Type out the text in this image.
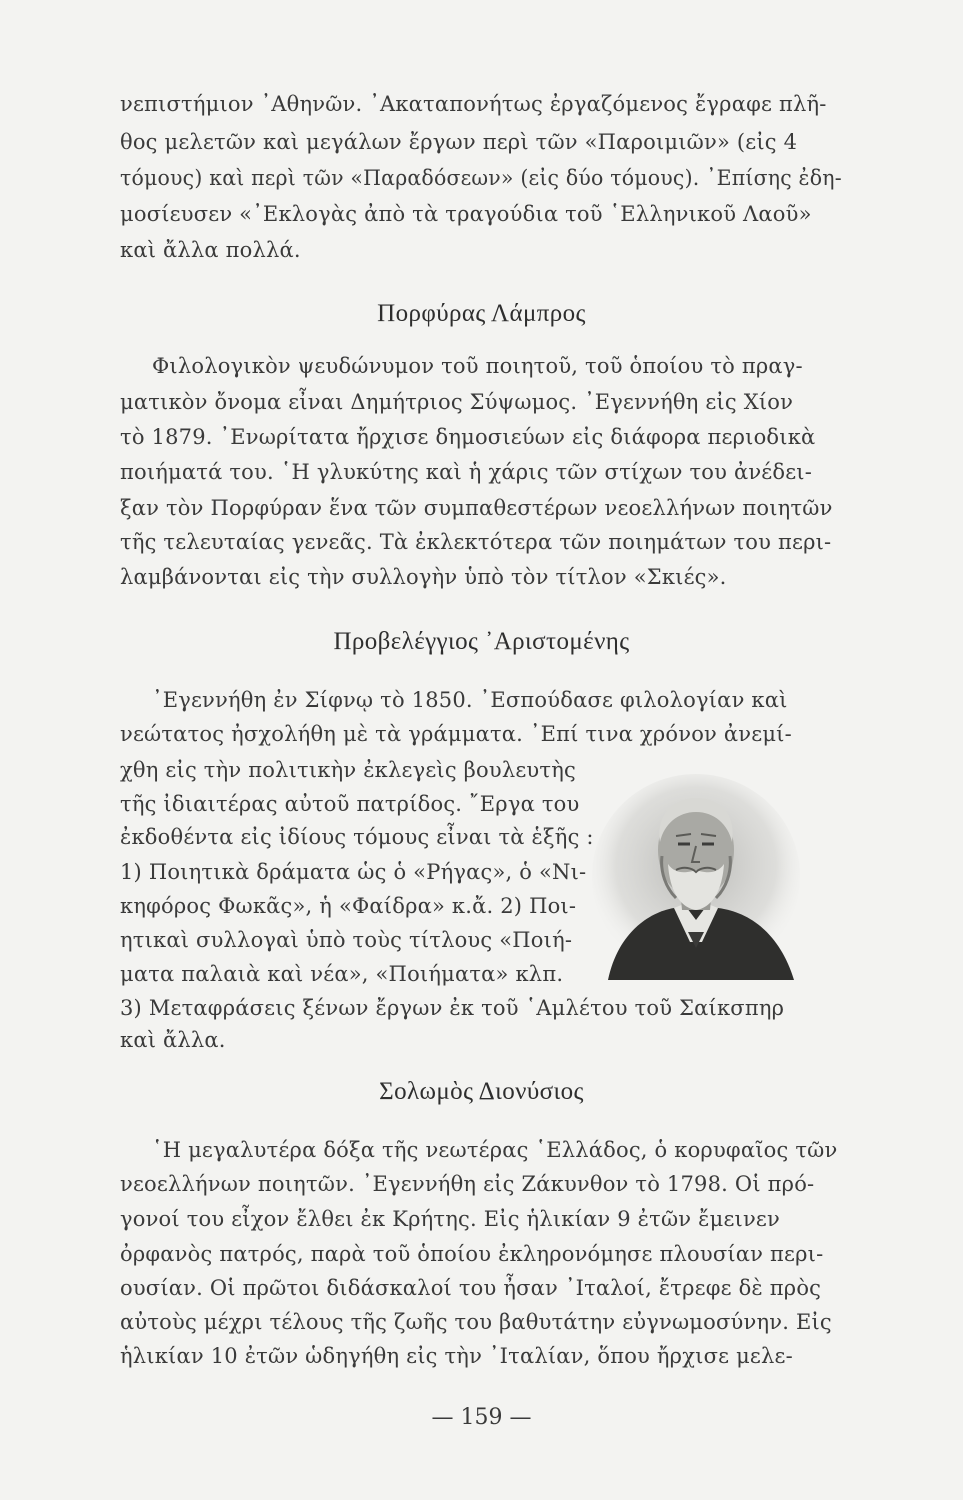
νεπιστήμιον ᾿Αθηνῶν. ᾿Ακαταπονήτως ἐργαζόμενος ἔγραφε πλῆ-
θος μελετῶν καὶ μεγάλων ἔργων περὶ τῶν «Παροιμιῶν» (εἰς 4
τόμους) καὶ περὶ τῶν «Παραδόσεων» (εἰς δύο τόμους). ᾿Επίσης ἐδη-
μοσίευσεν «᾿Εκλογὰς ἀπὸ τὰ τραγούδια τοῦ ῾Ελληνικοῦ Λαοῦ»
καὶ ἄλλα πολλά.
Πορφύρας Λάμπρος
Φιλολογικὸν ψευδώνυμον τοῦ ποιητοῦ, τοῦ ὁποίου τὸ πραγ-
ματικὸν ὄνομα εἶναι Δημήτριος Σύψωμος. ᾿Εγεννήθη εἰς Χίον
τὸ 1879. ᾿Ενωρίτατα ἤρχισε δημοσιεύων εἰς διάφορα περιοδικὰ
ποιήματά του. ῾Η γλυκύτης καὶ ἡ χάρις τῶν στίχων του ἀνέδει-
ξαν τὸν Πορφύραν ἕνα τῶν συμπαθεστέρων νεοελλήνων ποιητῶν
τῆς τελευταίας γενεᾶς. Τὰ ἐκλεκτότερα τῶν ποιημάτων του περι-
λαμβάνονται εἰς τὴν συλλογὴν ὑπὸ τὸν τίτλον «Σκιές».
Προβελέγγιος ᾿Αριστομένης
᾿Εγεννήθη ἐν Σίφνῳ τὸ 1850. ᾿Εσπούδασε φιλολογίαν καὶ
νεώτατος ἠσχολήθη μὲ τὰ γράμματα. ᾿Επί τινα χρόνον ἀνεμί-
χθη εἰς τὴν πολιτικὴν ἐκλεγεὶς βουλευτὴς
τῆς ἰδιαιτέρας αὐτοῦ πατρίδος. ῎Εργα του
ἐκδοθέντα εἰς ἰδίους τόμους εἶναι τὰ ἑξῆς :
1) Ποιητικὰ δράματα ὡς ὁ «Ρήγας», ὁ «Νι-
κηφόρος Φωκᾶς», ἡ «Φαίδρα» κ.ἄ. 2) Ποι-
ητικαὶ συλλογαὶ ὑπὸ τοὺς τίτλους «Ποιή-
ματα παλαιὰ καὶ νέα», «Ποιήματα» κλπ.
3) Μεταφράσεις ξένων ἔργων ἐκ τοῦ ῾Αμλέτου τοῦ Σαίκσπηρ
καὶ ἄλλα.
Σολωμὸς Διονύσιος
῾Η μεγαλυτέρα δόξα τῆς νεωτέρας ῾Ελλάδος, ὁ κορυφαῖος τῶν
νεοελλήνων ποιητῶν. ᾿Εγεννήθη εἰς Ζάκυνθον τὸ 1798. Οἱ πρό-
γονοί του εἶχον ἔλθει ἐκ Κρήτης. Εἰς ἡλικίαν 9 ἐτῶν ἔμεινεν
ὀρφανὸς πατρός, παρὰ τοῦ ὁποίου ἐκληρονόμησε πλουσίαν περι-
ουσίαν. Οἱ πρῶτοι διδάσκαλοί του ἦσαν ᾿Ιταλοί, ἔτρεφε δὲ πρὸς
αὐτοὺς μέχρι τέλους τῆς ζωῆς του βαθυτάτην εὐγνωμοσύνην. Εἰς
ἡλικίαν 10 ἐτῶν ὡδηγήθη εἰς τὴν ᾿Ιταλίαν, ὅπου ἤρχισε μελε-
— 159 —
